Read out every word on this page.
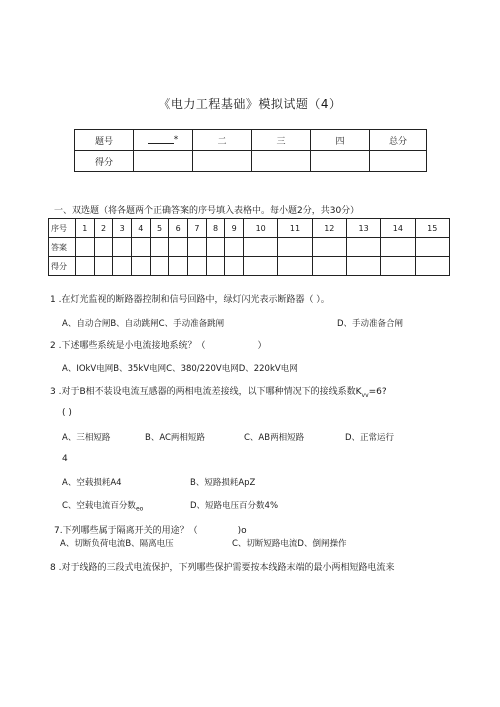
《电力工程基础》模拟试题（4）
题号	*	二	三	四	总分
得分					
一、双选题（将各题两个正确答案的序号填入表格中。每小题2分，共30分）
序号	1	2	3	4	5	6	7	8	9	10	11	12	13	14	15
答案															
得分															
1 .在灯光监视的断路器控制和信号回路中，绿灯闪光表示断路器（ ）。
A、自动合闸B、自动跳闸C、手动准备跳闸	D、手动准备合闸
2 .下述哪些系统是小电流接地系统？（	）
A、IOkV电网B、35kV电网C、380/220V电网D、220kV电网
3 .对于B相不装设电流互感器的两相电流差接线，以下哪种情况下的接线系数$K_{vv}=6$?
( )
A、三相短路	B、AC两相短路	C、AB两相短路	D、正常运行
4
A、空载损耗A4	B、短路损耗ApZ
C、空载电流百分数$_{eo}$	D、短路电压百分数4%
7.下列哪些属于隔离开关的用途？（	)o
A、切断负荷电流B、隔离电压	C、切断短路电流D、倒闸操作
8 .对于线路的三段式电流保护，下列哪些保护需要按本线路末端的最小两相短路电流来
